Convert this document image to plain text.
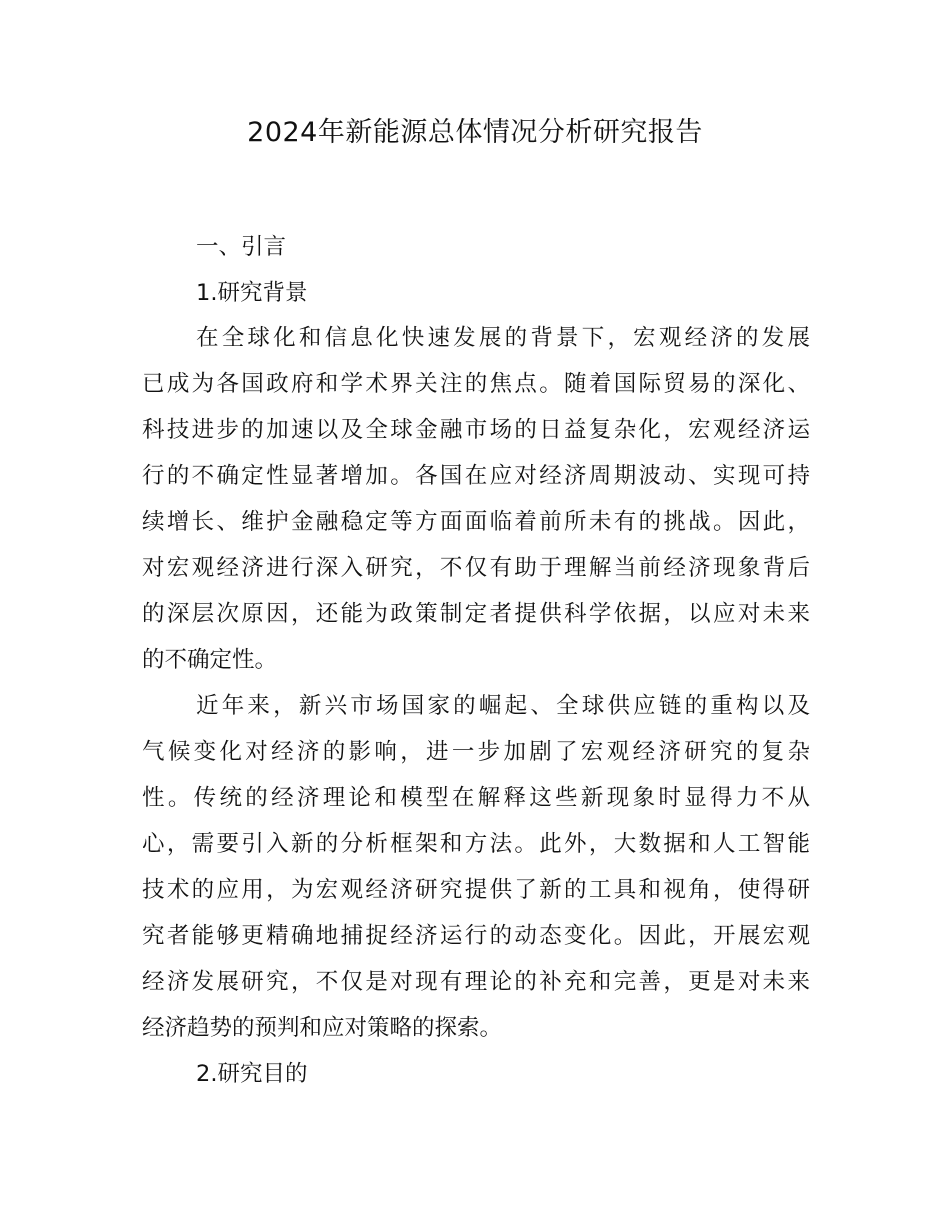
2024年新能源总体情况分析研究报告
一、引言
1.研究背景
在全球化和信息化快速发展的背景下，宏观经济的发展
已成为各国政府和学术界关注的焦点。随着国际贸易的深化、
科技进步的加速以及全球金融市场的日益复杂化，宏观经济运
行的不确定性显著增加。各国在应对经济周期波动、实现可持
续增长、维护金融稳定等方面面临着前所未有的挑战。因此，
对宏观经济进行深入研究，不仅有助于理解当前经济现象背后
的深层次原因，还能为政策制定者提供科学依据，以应对未来
的不确定性。
近年来，新兴市场国家的崛起、全球供应链的重构以及
气候变化对经济的影响，进一步加剧了宏观经济研究的复杂
性。传统的经济理论和模型在解释这些新现象时显得力不从
心，需要引入新的分析框架和方法。此外，大数据和人工智能
技术的应用，为宏观经济研究提供了新的工具和视角，使得研
究者能够更精确地捕捉经济运行的动态变化。因此，开展宏观
经济发展研究，不仅是对现有理论的补充和完善，更是对未来
经济趋势的预判和应对策略的探索。
2.研究目的
